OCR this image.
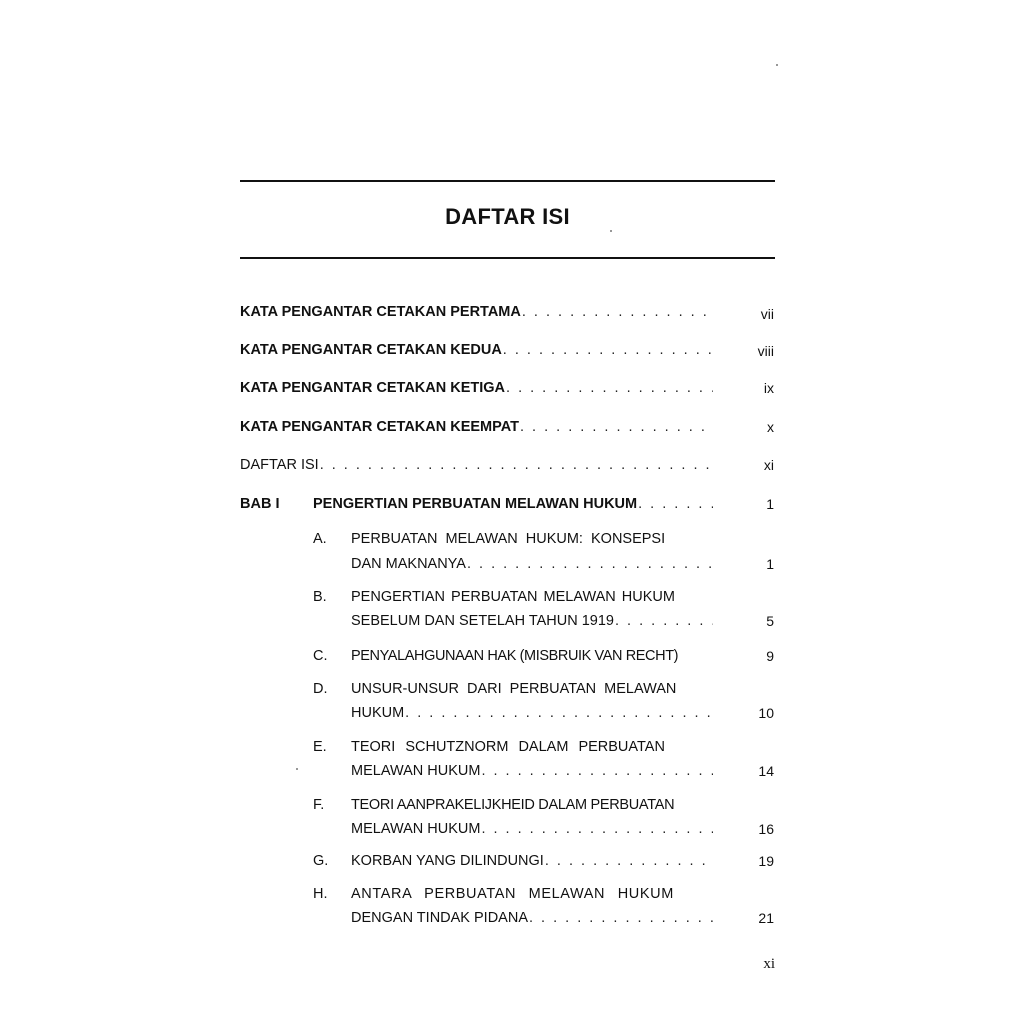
DAFTAR ISI
KATA PENGANTAR CETAKAN PERTAMA . . .	vii
KATA PENGANTAR CETAKAN KEDUA . . .	viii
KATA PENGANTAR CETAKAN KETIGA . . .	ix
KATA PENGANTAR CETAKAN KEEMPAT . . .	x
DAFTAR ISI . . .	xi
BAB I PENGERTIAN PERBUATAN MELAWAN HUKUM . . .	1
A. PERBUATAN MELAWAN HUKUM: KONSEPSI
DAN MAKNANYA . . .	1
B. PENGERTIAN PERBUATAN MELAWAN HUKUM
SEBELUM DAN SETELAH TAHUN 1919 . . .	5
C. PENYALAHGUNAAN HAK (MISBRUIK VAN RECHT)	9
D. UNSUR-UNSUR DARI PERBUATAN MELAWAN
HUKUM . . .	10
E. TEORI SCHUTZNORM DALAM PERBUATAN
MELAWAN HUKUM . . .	14
F. TEORI AANPRAKELIJKHEID DALAM PERBUATAN
MELAWAN HUKUM . . .	16
G. KORBAN YANG DILINDUNGI . . .	19
H. ANTARA PERBUATAN MELAWAN HUKUM
DENGAN TINDAK PIDANA . . .	21
xi
